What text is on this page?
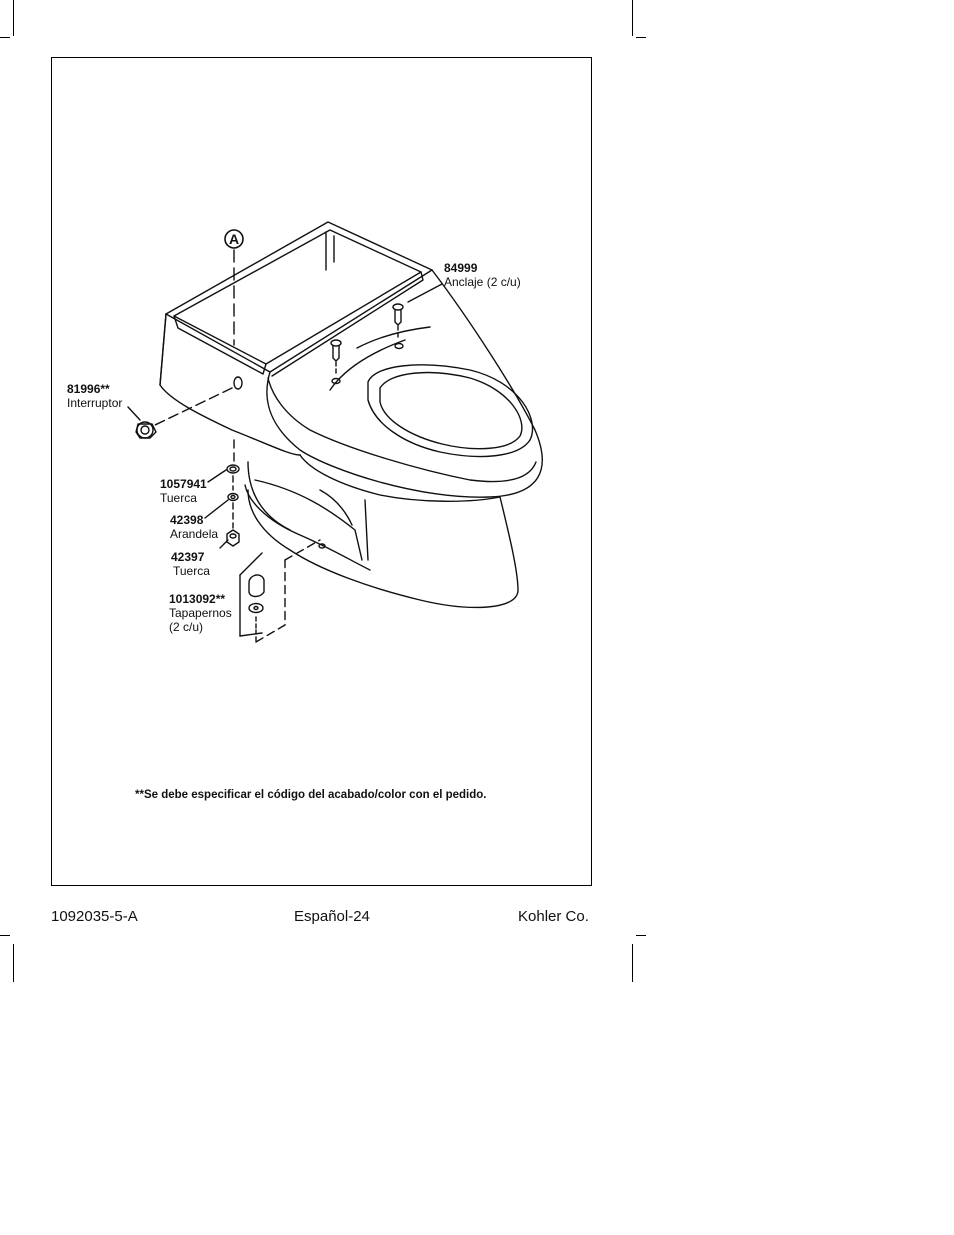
A
84999
Anclaje (2 c/u)
81996**
Interruptor
1057941
Tuerca
42398
Arandela
42397
Tuerca
1013092**
Tapapernos
(2 c/u)
**Se debe especificar el código del acabado/color con el pedido.
1092035-5-A	Español-24	Kohler Co.
